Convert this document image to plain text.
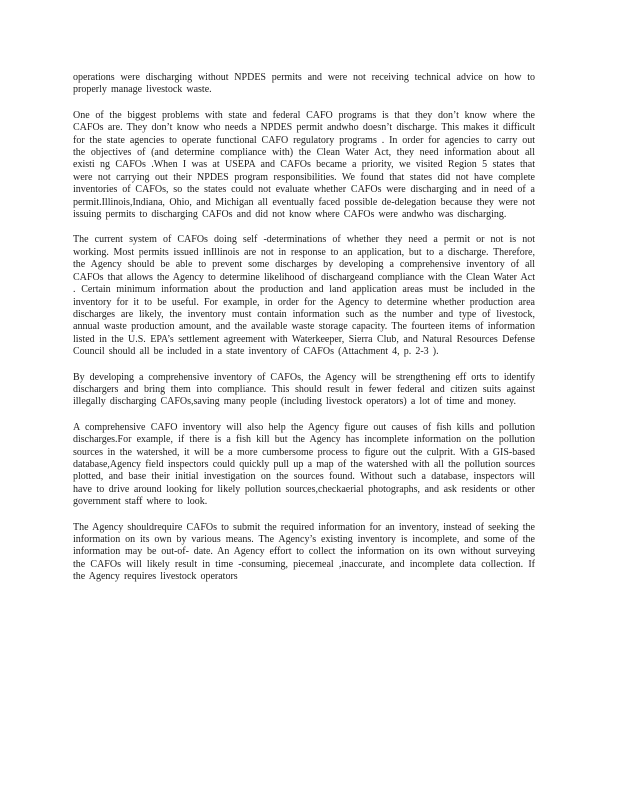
operations were discharging without NPDES permits and were not receiving technical advice on how to properly manage livestock waste.

One of the biggest problems with state and federal CAFO programs is that they don’t know where the CAFOs are. They don’t know who needs a NPDES permit andwho doesn’t discharge. This makes it difficult for the state agencies to operate functional CAFO regulatory programs . In order for agencies to carry out the objectives of (and determine compliance with) the Clean Water Act, they need information about all existi ng CAFOs .When I was at USEPA and CAFOs became a priority, we visited Region 5 states that were not carrying out their NPDES program responsibilities. We found that states did not have complete inventories of CAFOs, so the states could not evaluate whether CAFOs were discharging and in need of a permit.Illinois,Indiana, Ohio, and Michigan all eventually faced possible de-delegation because they were not issuing permits to discharging CAFOs and did not know where CAFOs were andwho was discharging.

The current system of CAFOs doing self -determinations of whether they need a permit or not is not working. Most permits issued inIllinois are not in response to an application, but to a discharge. Therefore, the Agency should be able to prevent some discharges by developing a comprehensive inventory of all CAFOs that allows the Agency to determine likelihood of dischargeand compliance with the Clean Water Act . Certain minimum information about the production and land application areas must be included in the inventory for it to be useful. For example, in order for the Agency to determine whether production area discharges are likely, the inventory must contain information such as the number and type of livestock, annual waste production amount, and the available waste storage capacity. The fourteen items of information listed in the U.S. EPA’s settlement agreement with Waterkeeper, Sierra Club, and Natural Resources Defense Council should all be included in a state inventory of CAFOs (Attachment 4, p. 2-3 ).

By developing a comprehensive inventory of CAFOs, the Agency will be strengthening eff orts to identify dischargers and bring them into compliance. This should result in fewer federal and citizen suits against illegally discharging CAFOs,saving many people (including livestock operators) a lot of time and money.

A comprehensive CAFO inventory will also help the Agency figure out causes of fish kills and pollution discharges.For example, if there is a fish kill but the Agency has incomplete information on the pollution sources in the watershed, it will be a more cumbersome process to figure out the culprit. With a GIS-based database,Agency field inspectors could quickly pull up a map of the watershed with all the pollution sources plotted, and base their initial investigation on the sources found. Without such a database, inspectors will have to drive around looking for likely pollution sources,checkaerial photographs, and ask residents or other government staff where to look.

The Agency shouldrequire CAFOs to submit the required information for an inventory, instead of seeking the information on its own by various means. The Agency’s existing inventory is incomplete, and some of the information may be out-of- date. An Agency effort to collect the information on its own without surveying the CAFOs will likely result in time -consuming, piecemeal ,inaccurate, and incomplete data collection. If the Agency requires livestock operators
